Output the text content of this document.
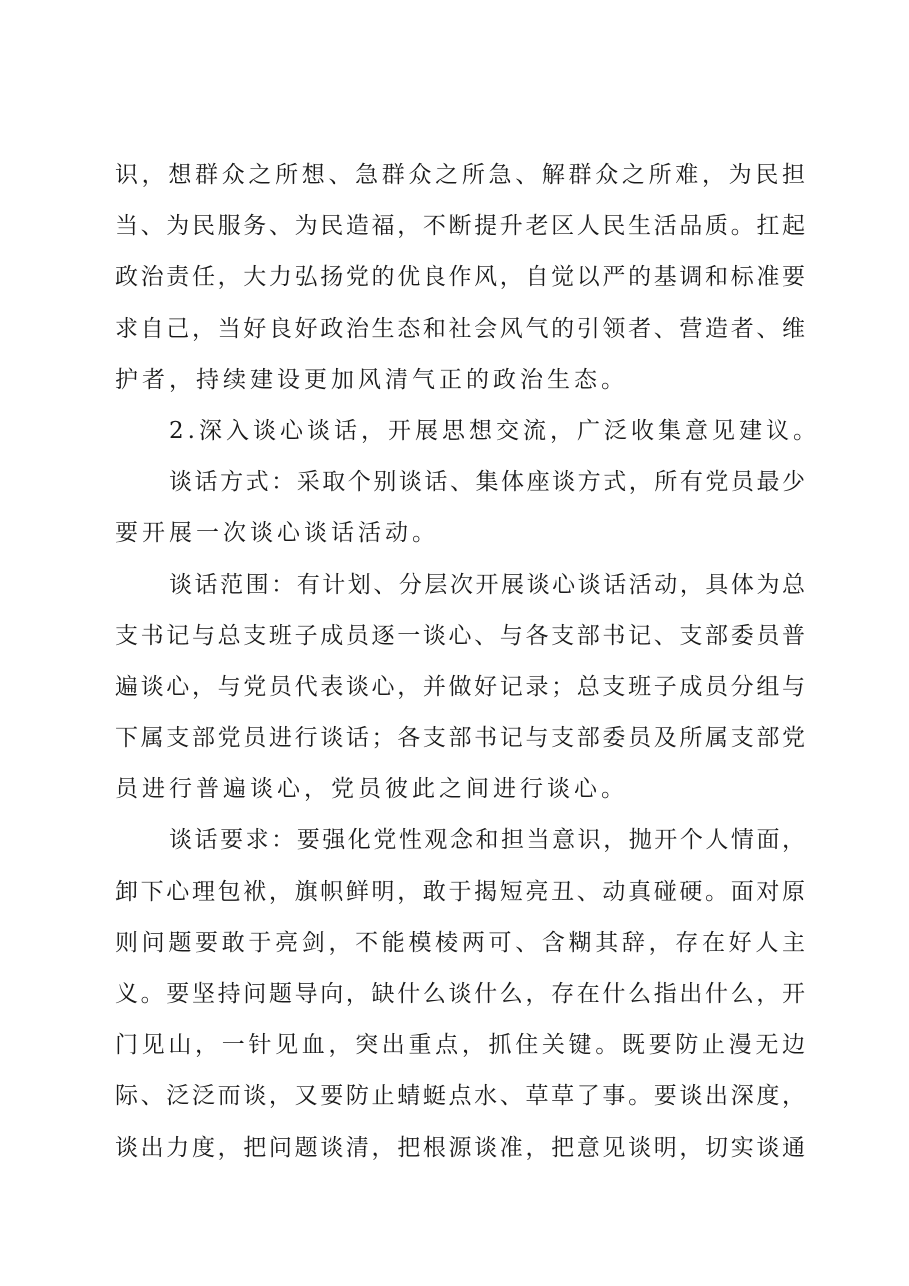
识，想群众之所想、急群众之所急、解群众之所难，为民担
当、为民服务、为民造福，不断提升老区人民生活品质。扛起
政治责任，大力弘扬党的优良作风，自觉以严的基调和标准要
求自己，当好良好政治生态和社会风气的引领者、营造者、维
护者，持续建设更加风清气正的政治生态。
2.深入谈心谈话，开展思想交流，广泛收集意见建议。
谈话方式：采取个别谈话、集体座谈方式，所有党员最少
要开展一次谈心谈话活动。
谈话范围：有计划、分层次开展谈心谈话活动，具体为总
支书记与总支班子成员逐一谈心、与各支部书记、支部委员普
遍谈心，与党员代表谈心，并做好记录；总支班子成员分组与
下属支部党员进行谈话；各支部书记与支部委员及所属支部党
员进行普遍谈心，党员彼此之间进行谈心。
谈话要求：要强化党性观念和担当意识，抛开个人情面，
卸下心理包袱，旗帜鲜明，敢于揭短亮丑、动真碰硬。面对原
则问题要敢于亮剑，不能模棱两可、含糊其辞，存在好人主
义。要坚持问题导向，缺什么谈什么，存在什么指出什么，开
门见山，一针见血，突出重点，抓住关键。既要防止漫无边
际、泛泛而谈，又要防止蜻蜓点水、草草了事。要谈出深度，
谈出力度，把问题谈清，把根源谈准，把意见谈明，切实谈通
